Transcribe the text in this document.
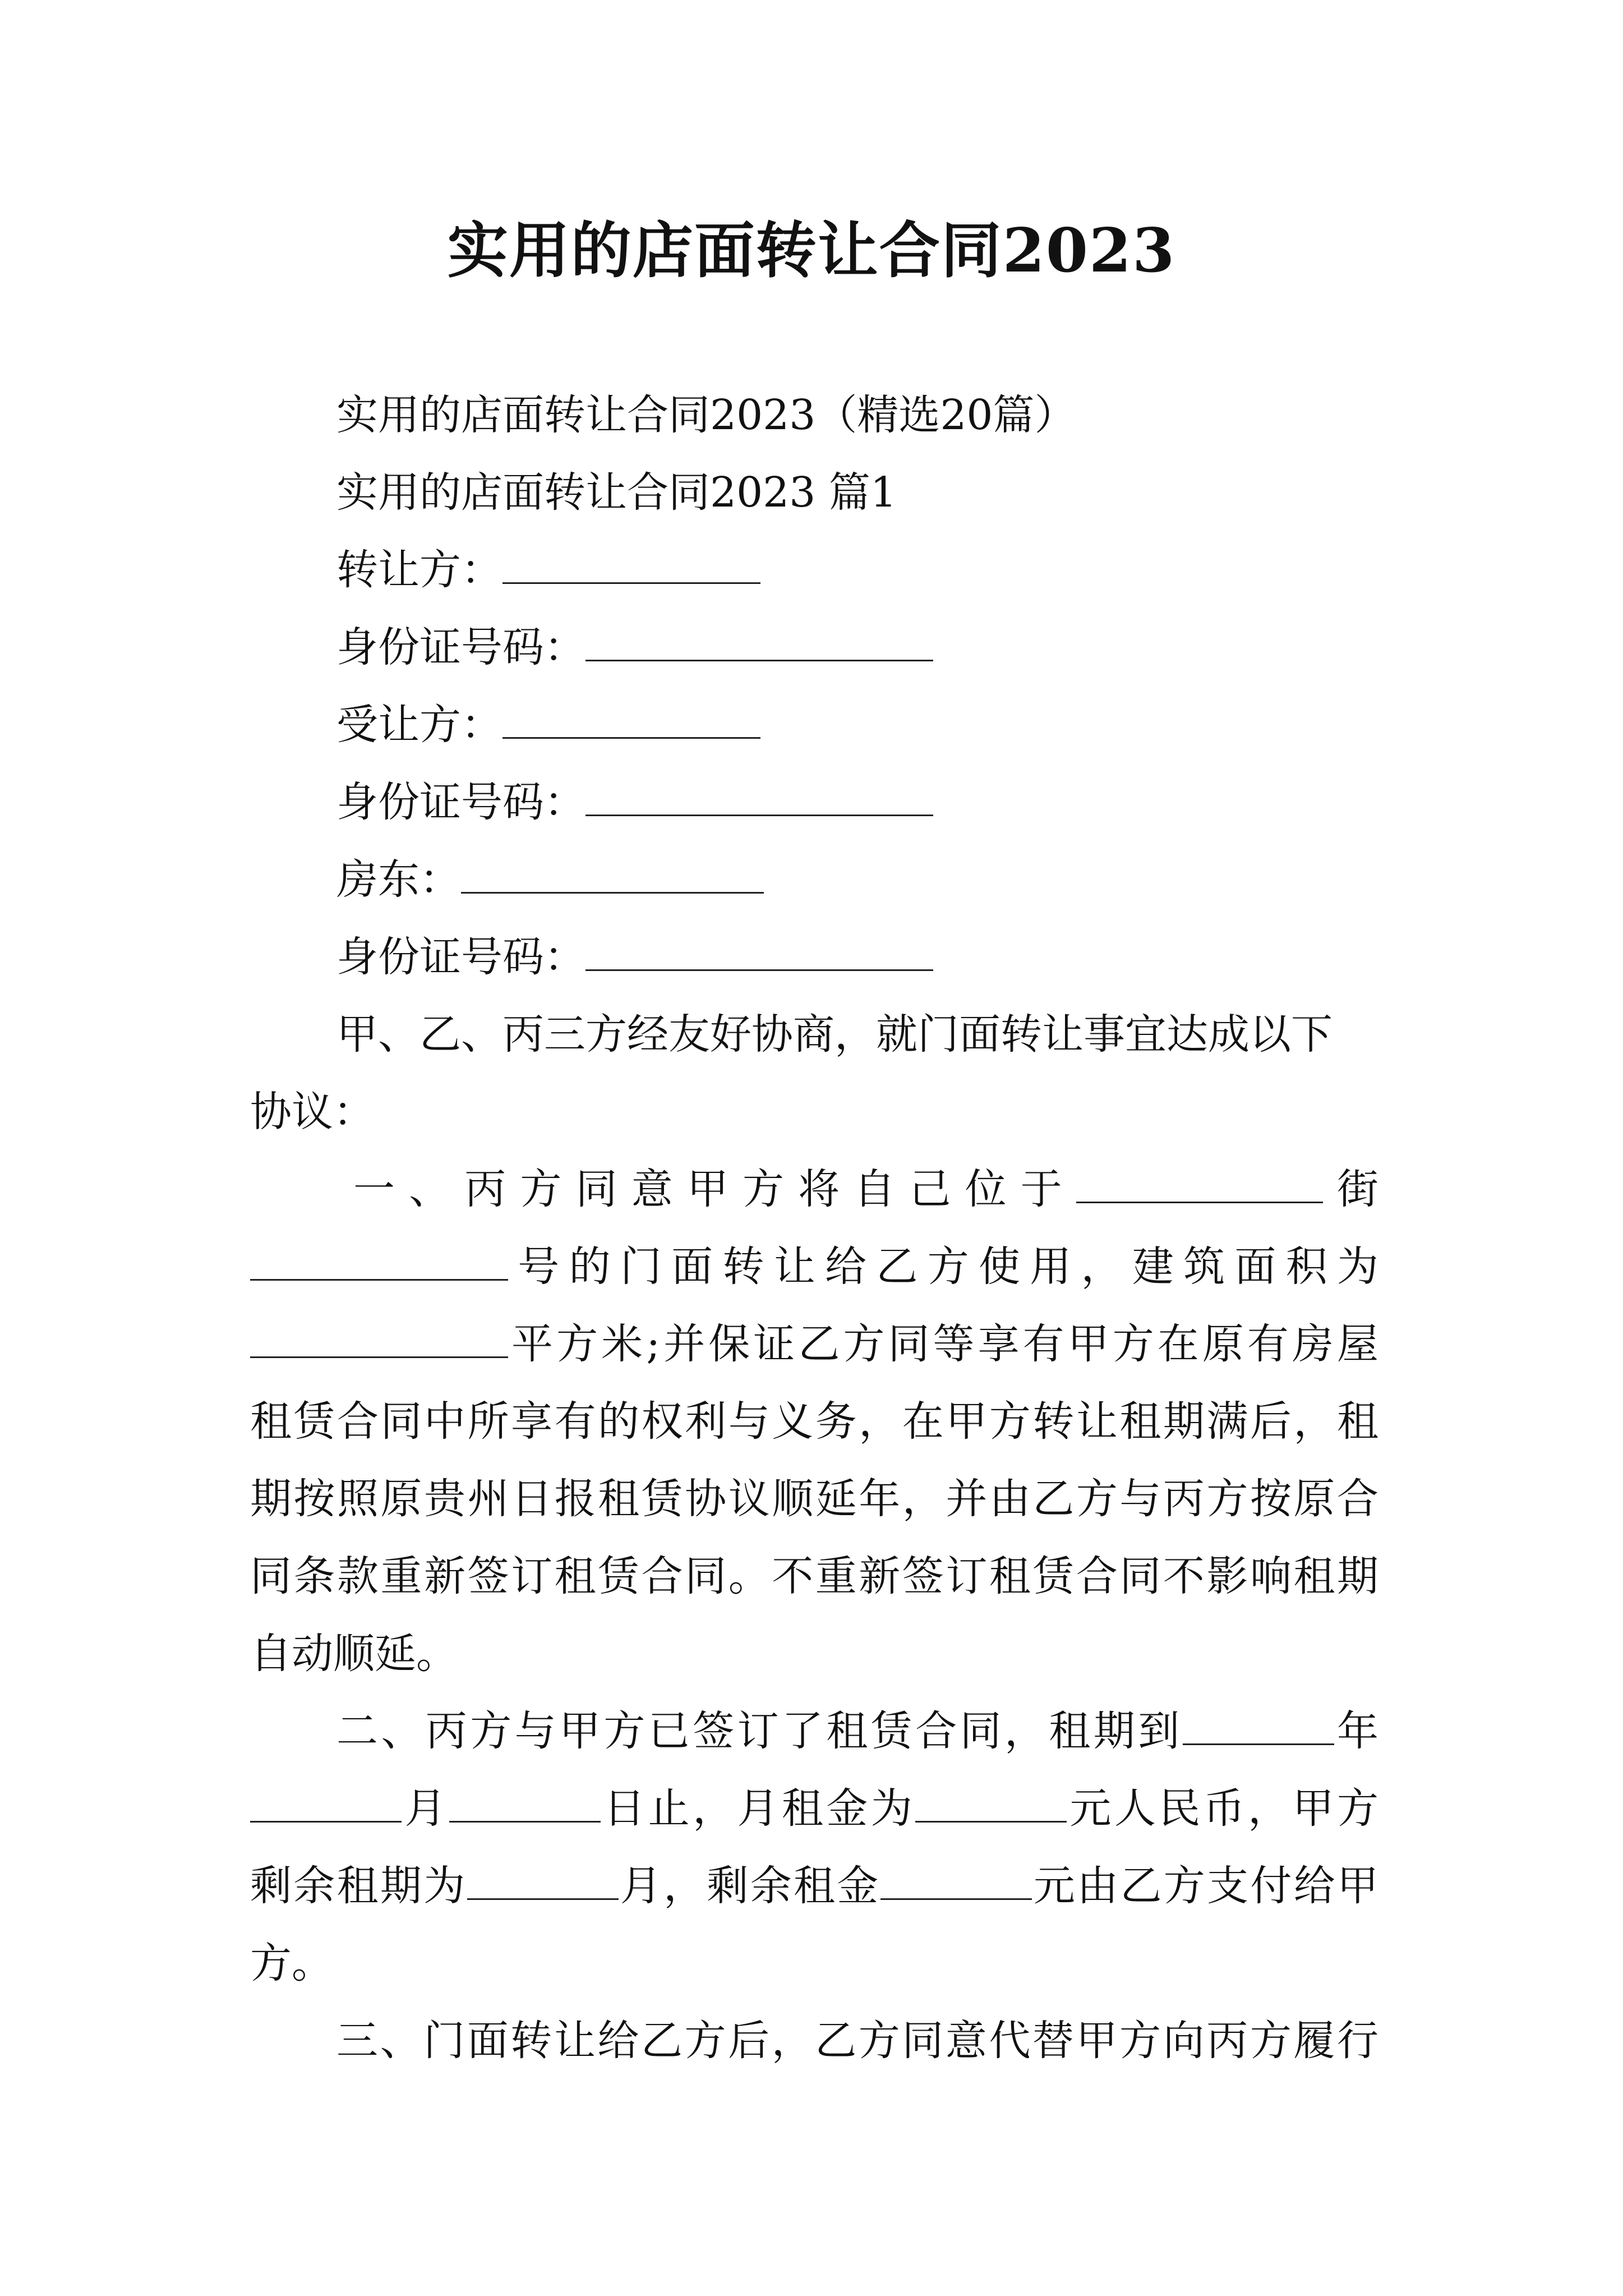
实用的店面转让合同2023
实用的店面转让合同2023（精选20篇）
实用的店面转让合同2023 篇1
转让方：
身份证号码：
受让方：
身份证号码：
房东：
身份证号码：
甲、乙、丙三方经友好协商，就门面转让事宜达成以下
协议：
一、丙方同意甲方将自己位于	街
号的门面转让给乙方使用，建筑面积为
平方米;并保证乙方同等享有甲方在原有房屋
租赁合同中所享有的权利与义务，在甲方转让租期满后，租
期按照原贵州日报租赁协议顺延年，并由乙方与丙方按原合
同条款重新签订租赁合同。不重新签订租赁合同不影响租期
自动顺延。
二、丙方与甲方已签订了租赁合同，租期到	年
月	日止，月租金为	元人民币，甲方
剩余租期为	月，剩余租金	元由乙方支付给甲
方。
三、门面转让给乙方后，乙方同意代替甲方向丙方履行
